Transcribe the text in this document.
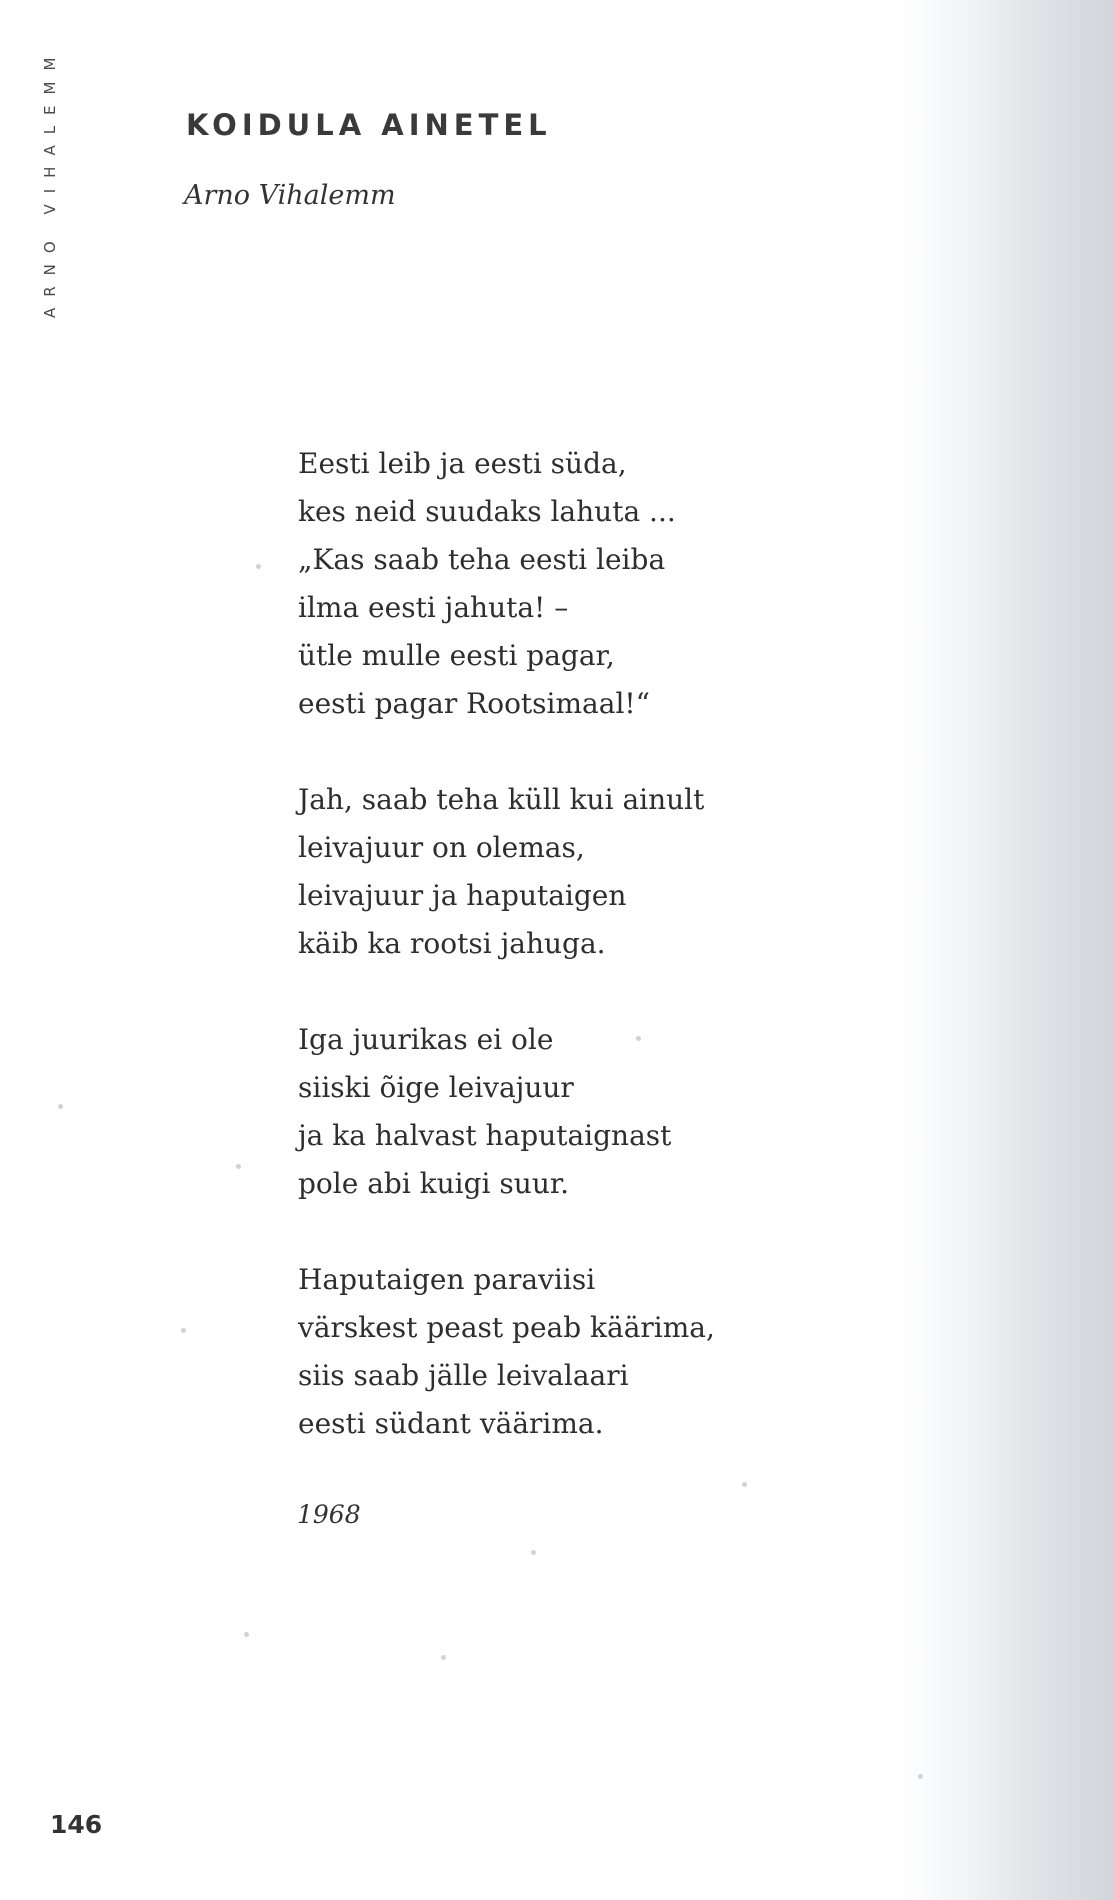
ARNO VIHALEMM	KOIDULA AINETEL
Arno Vihalemm
Eesti leib ja eesti süda,
kes neid suudaks lahuta ...
„Kas saab teha eesti leiba
ilma eesti jahuta! –
ütle mulle eesti pagar,
eesti pagar Rootsimaal!“
Jah, saab teha küll kui ainult
leivajuur on olemas,
leivajuur ja haputaigen
käib ka rootsi jahuga.
Iga juurikas ei ole
siiski õige leivajuur
ja ka halvast haputaignast
pole abi kuigi suur.
Haputaigen paraviisi
värskest peast peab käärima,
siis saab jälle leivalaari
eesti südant väärima.
1968
146
